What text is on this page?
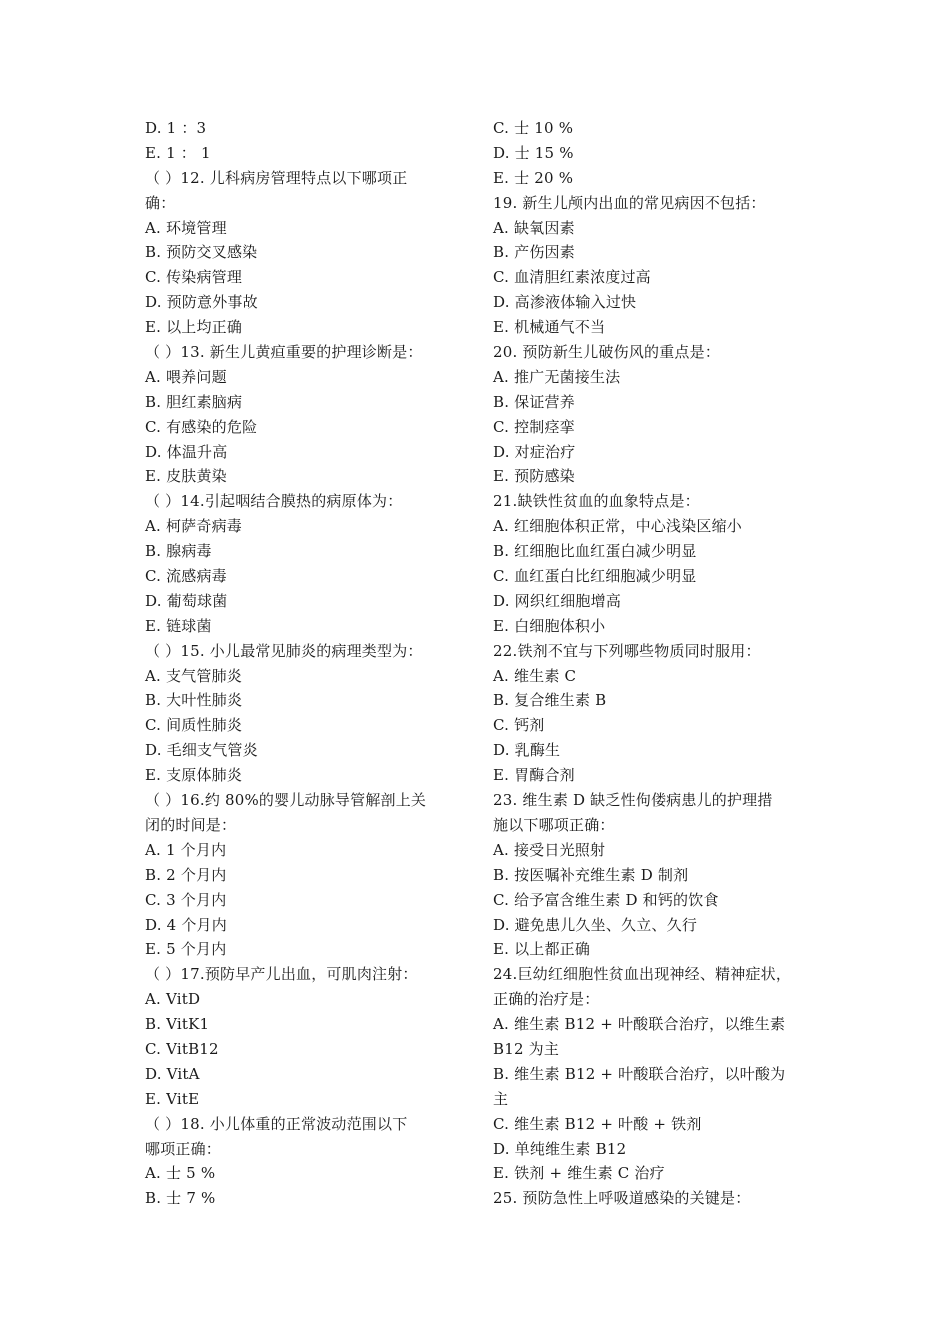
D. 1 ：3
E. 1 ： 1
（ ）12. 儿科病房管理特点以下哪项正
确：
A. 环境管理
B. 预防交叉感染
C. 传染病管理
D. 预防意外事故
E. 以上均正确
（ ）13. 新生儿黄疸重要的护理诊断是：
A. 喂养问题
B. 胆红素脑病
C. 有感染的危险
D. 体温升高
E. 皮肤黄染
（ ）14.引起咽结合膜热的病原体为：
A. 柯萨奇病毒
B. 腺病毒
C. 流感病毒
D. 葡萄球菌
E. 链球菌
（ ）15. 小儿最常见肺炎的病理类型为：
A. 支气管肺炎
B. 大叶性肺炎
C. 间质性肺炎
D. 毛细支气管炎
E. 支原体肺炎
（ ）16.约 80%的婴儿动脉导管解剖上关
闭的时间是：
A. 1 个月内
B. 2 个月内
C. 3 个月内
D. 4 个月内
E. 5 个月内
（ ）17.预防早产儿出血，可肌肉注射：
A. VitD
B. VitK1
C. VitB12
D. VitA
E. VitE
（ ）18. 小儿体重的正常波动范围以下
哪项正确：
A. 士 5 %
B. 士 7 %
C. 士 10 %
D. 士 15 %
E. 士 20 %
19. 新生儿颅内出血的常见病因不包括：
A. 缺氧因素
B. 产伤因素
C. 血清胆红素浓度过高
D. 高渗液体输入过快
E. 机械通气不当
20. 预防新生儿破伤风的重点是：
A. 推广无菌接生法
B. 保证营养
C. 控制痉挛
D. 对症治疗
E. 预防感染
21.缺铁性贫血的血象特点是：
A. 红细胞体积正常，中心浅染区缩小
B. 红细胞比血红蛋白减少明显
C. 血红蛋白比红细胞减少明显
D. 网织红细胞增高
E. 白细胞体积小
22.铁剂不宜与下列哪些物质同时服用：
A. 维生素 C
B. 复合维生素 B
C. 钙剂
D. 乳酶生
E. 胃酶合剂
23. 维生素 D 缺乏性佝偻病患儿的护理措
施以下哪项正确：
A. 接受日光照射
B. 按医嘱补充维生素 D 制剂
C. 给予富含维生素 D 和钙的饮食
D. 避免患儿久坐、久立、久行
E. 以上都正确
24.巨幼红细胞性贫血出现神经、精神症状，
正确的治疗是：
A. 维生素 B12 + 叶酸联合治疗，以维生素
B12 为主
B. 维生素 B12 + 叶酸联合治疗，以叶酸为
主
C. 维生素 B12 + 叶酸 + 铁剂
D. 单纯维生素 B12
E. 铁剂 + 维生素 C 治疗
25. 预防急性上呼吸道感染的关键是：
